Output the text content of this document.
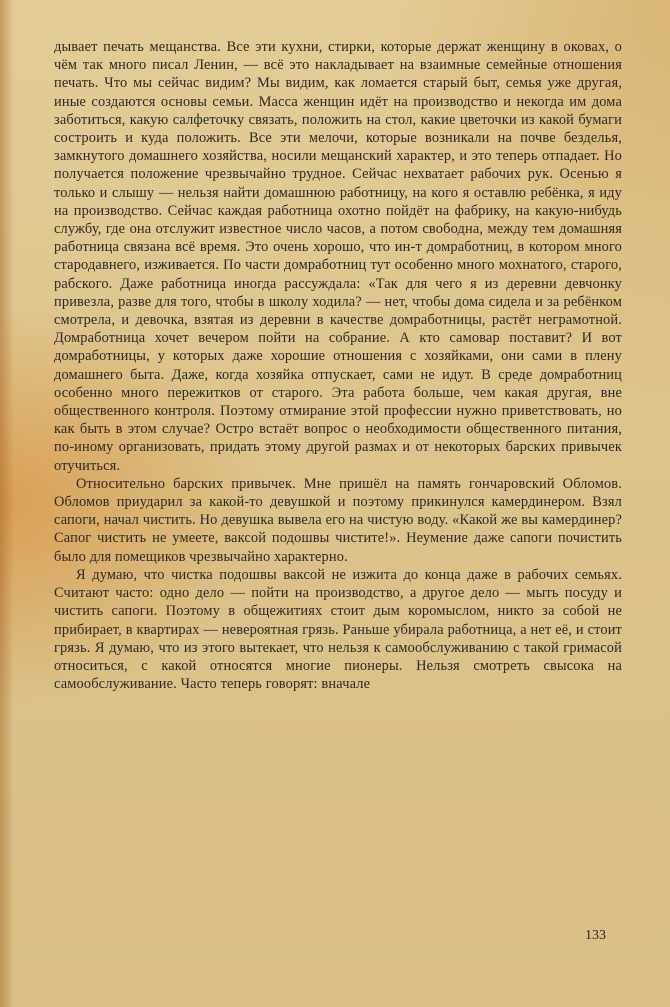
дывает печать мещанства. Все эти кухни, стирки, которые держат женщину в оковах, о чём так много писал Ленин, — всё это накладывает на взаимные семейные отношения печать. Что мы сейчас видим? Мы видим, как ломается старый быт, семья уже другая, иные создаются основы семьи. Масса женщин идёт на производство и некогда им дома заботиться, какую салфеточку связать, положить на стол, какие цветочки из какой бумаги состроить и куда положить. Все эти мелочи, которые возникали на почве безделья, замкнутого домашнего хозяйства, носили мещанский характер, и это теперь отпадает. Но получается положение чрезвычайно трудное. Сейчас нехватает рабочих рук. Осенью я только и слышу — нельзя найти домашнюю работницу, на кого я оставлю ребёнка, я иду на производство. Сейчас каждая работница охотно пойдёт на фабрику, на какую-нибудь службу, где она отслужит известное число часов, а потом свободна, между тем домашняя работница связана всё время. Это очень хорошо, что ин-т домработниц, в котором много стародавнего, изживается. По части домработниц тут особенно много мохнатого, старого, рабского. Даже работница иногда рассуждала: «Так для чего я из деревни девчонку привезла, разве для того, чтобы в школу ходила? — нет, чтобы дома сидела и за ребёнком смотрела, и девочка, взятая из деревни в качестве домработницы, растёт неграмотной. Домработница хочет вечером пойти на собрание. А кто самовар поставит? И вот домработницы, у которых даже хорошие отношения с хозяйками, они сами в плену домашнего быта. Даже, когда хозяйка отпускает, сами не идут. В среде домработниц особенно много пережитков от старого. Эта работа больше, чем какая другая, вне общественного контроля. Поэтому отмирание этой профессии нужно приветствовать, но как быть в этом случае? Остро встаёт вопрос о необходимости общественного питания, по-иному организовать, придать этому другой размах и от некоторых барских привычек отучиться.

Относительно барских привычек. Мне пришёл на память гончаровский Обломов. Обломов приударил за какой-то девушкой и поэтому прикинулся камердинером. Взял сапоги, начал чистить. Но девушка вывела его на чистую воду. «Какой же вы камердинер? Сапог чистить не умеете, ваксой подошвы чистите!». Неумение даже сапоги почистить было для помещиков чрезвычайно характерно.

Я думаю, что чистка подошвы ваксой не изжита до конца даже в рабочих семьях. Считают часто: одно дело — пойти на производство, а другое дело — мыть посуду и чистить сапоги. Поэтому в общежитиях стоит дым коромыслом, никто за собой не прибирает, в квартирах — невероятная грязь. Раньше убирала работница, а нет её, и стоит грязь. Я думаю, что из этого вытекает, что нельзя к самообслуживанию с такой гримасой относиться, с какой относятся многие пионеры. Нельзя смотреть свысока на самообслуживание. Часто теперь говорят: вначале

133
